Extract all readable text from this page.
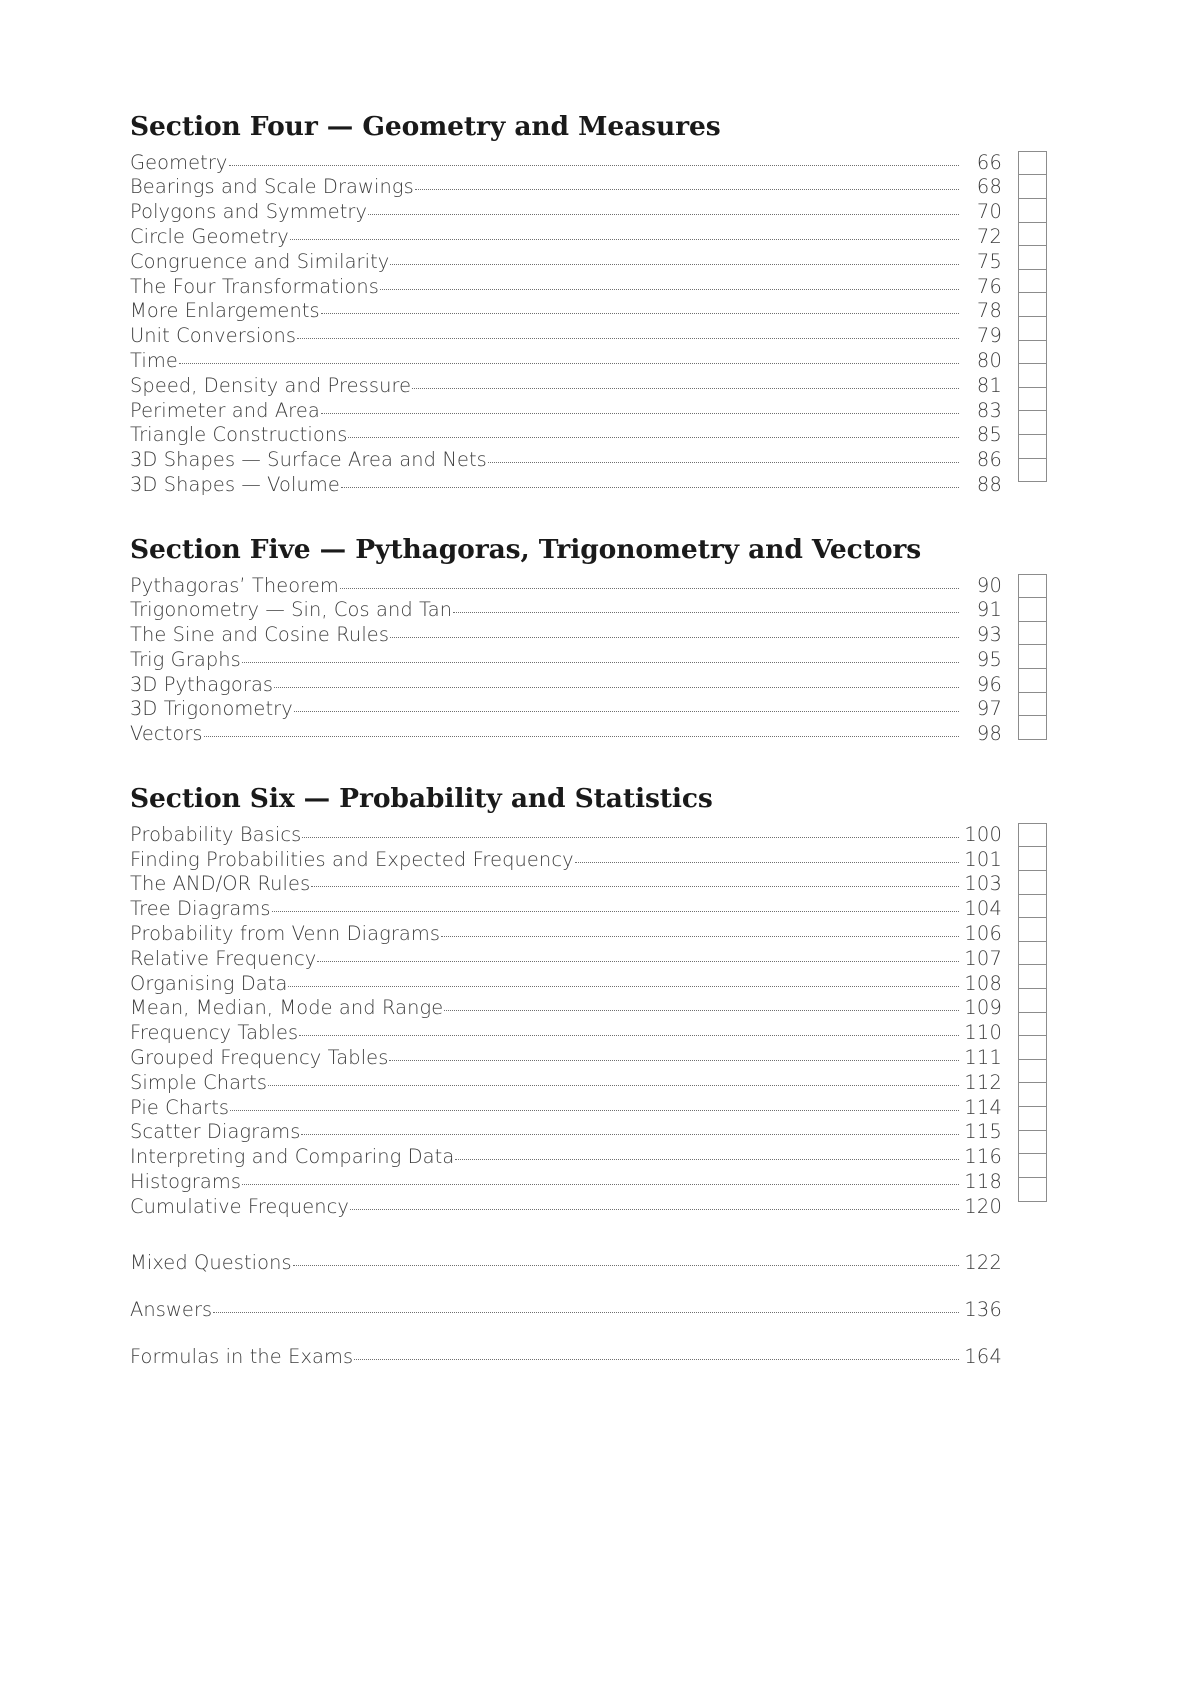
Section Four — Geometry and Measures
Geometry	66
Bearings and Scale Drawings	68
Polygons and Symmetry	70
Circle Geometry	72
Congruence and Similarity	75
The Four Transformations	76
More Enlargements	78
Unit Conversions	79
Time	80
Speed, Density and Pressure	81
Perimeter and Area	83
Triangle Constructions	85
3D Shapes — Surface Area and Nets	86
3D Shapes — Volume	88
Section Five — Pythagoras, Trigonometry and Vectors
Pythagoras’ Theorem	90
Trigonometry — Sin, Cos and Tan	91
The Sine and Cosine Rules	93
Trig Graphs	95
3D Pythagoras	96
3D Trigonometry	97
Vectors	98
Section Six — Probability and Statistics
Probability Basics	100
Finding Probabilities and Expected Frequency	101
The AND/OR Rules	103
Tree Diagrams	104
Probability from Venn Diagrams	106
Relative Frequency	107
Organising Data	108
Mean, Median, Mode and Range	109
Frequency Tables	110
Grouped Frequency Tables	111
Simple Charts	112
Pie Charts	114
Scatter Diagrams	115
Interpreting and Comparing Data	116
Histograms	118
Cumulative Frequency	120
Mixed Questions	122
Answers	136
Formulas in the Exams	164
